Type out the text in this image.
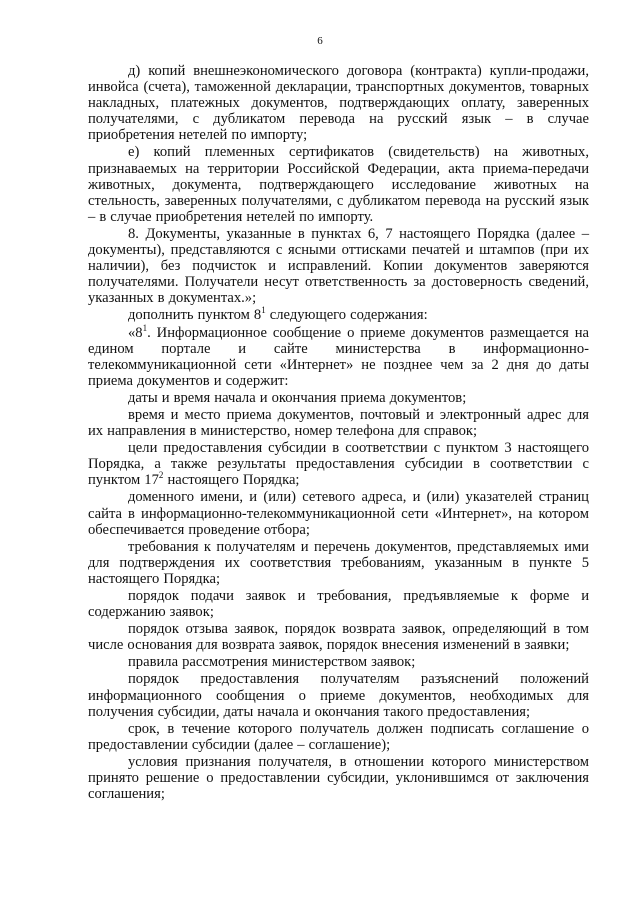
6

д) копий внешнеэкономического договора (контракта) купли-продажи, инвойса (счета), таможенной декларации, транспортных документов, товарных накладных, платежных документов, подтверждающих оплату, заверенных получателями, с дубликатом перевода на русский язык – в случае приобретения нетелей по импорту;

е) копий племенных сертификатов (свидетельств) на животных, признаваемых на территории Российской Федерации, акта приема-передачи животных, документа, подтверждающего исследование животных на стельность, заверенных получателями, с дубликатом перевода на русский язык – в случае приобретения нетелей по импорту.

8. Документы, указанные в пунктах 6, 7 настоящего Порядка (далее – документы), представляются с ясными оттисками печатей и штампов (при их наличии), без подчисток и исправлений. Копии документов заверяются получателями. Получатели несут ответственность за достоверность сведений, указанных в документах.»;

дополнить пунктом $8^1$ следующего содержания:

«$8^1$. Информационное сообщение о приеме документов размещается на едином портале и сайте министерства в информационно-телекоммуникационной сети «Интернет» не позднее чем за 2 дня до даты приема документов и содержит:

даты и время начала и окончания приема документов;

время и место приема документов, почтовый и электронный адрес для их направления в министерство, номер телефона для справок;

цели предоставления субсидии в соответствии с пунктом 3 настоящего Порядка, а также результаты предоставления субсидии в соответствии с пунктом $17^2$ настоящего Порядка;

доменного имени, и (или) сетевого адреса, и (или) указателей страниц сайта в информационно-телекоммуникационной сети «Интернет», на котором обеспечивается проведение отбора;

требования к получателям и перечень документов, представляемых ими для подтверждения их соответствия требованиям, указанным в пункте 5 настоящего Порядка;

порядок подачи заявок и требования, предъявляемые к форме и содержанию заявок;

порядок отзыва заявок, порядок возврата заявок, определяющий в том числе основания для возврата заявок, порядок внесения изменений в заявки;

правила рассмотрения министерством заявок;

порядок предоставления получателям разъяснений положений информационного сообщения о приеме документов, необходимых для получения субсидии, даты начала и окончания такого предоставления;

срок, в течение которого получатель должен подписать соглашение о предоставлении субсидии (далее – соглашение);

условия признания получателя, в отношении которого министерством принято решение о предоставлении субсидии, уклонившимся от заключения соглашения;
